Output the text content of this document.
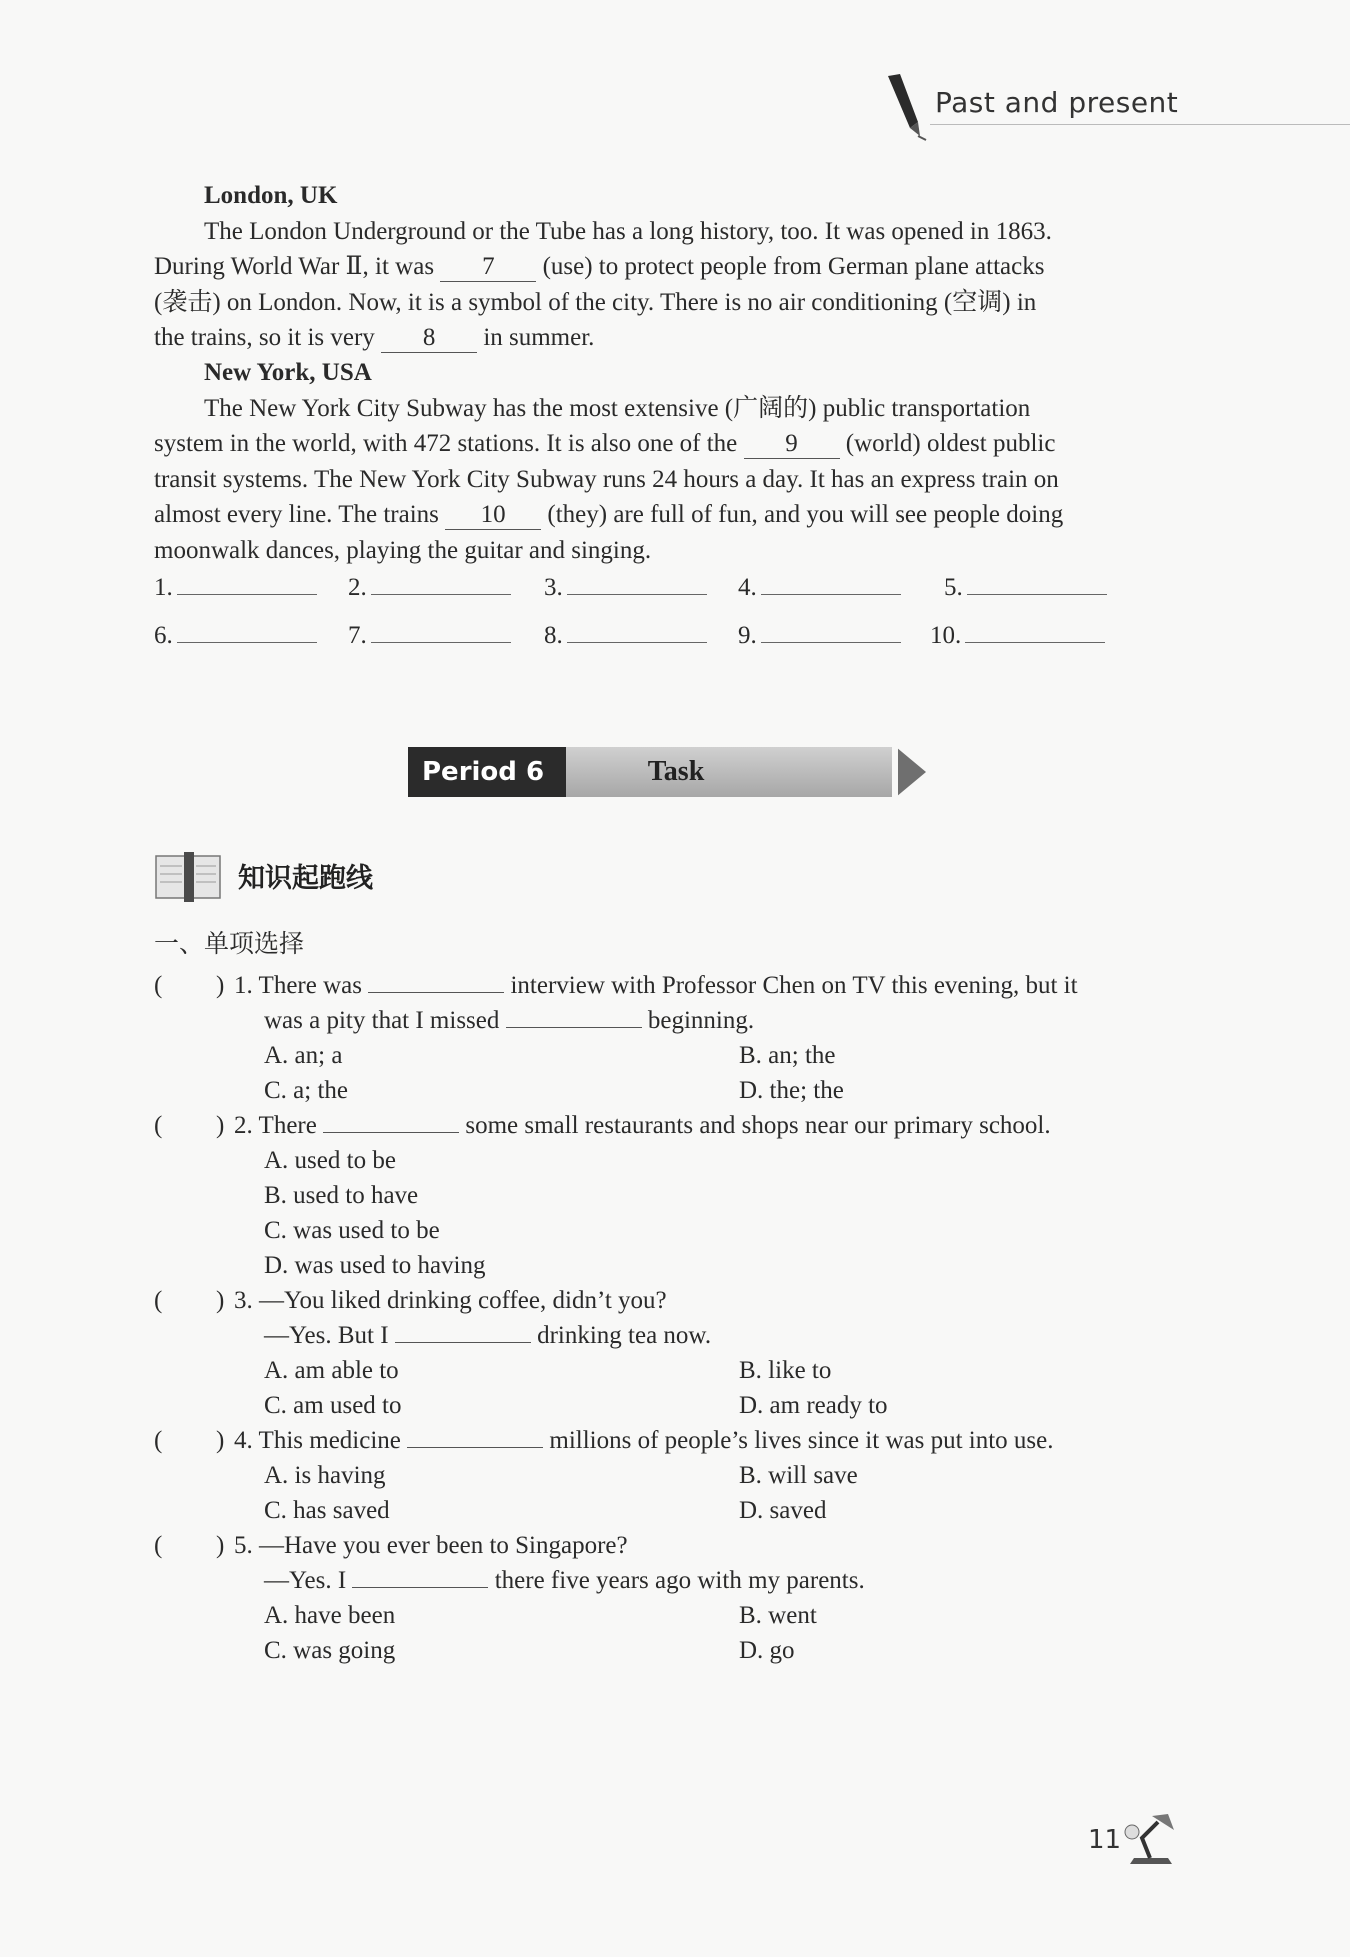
Past and present
London, UK
The London Underground or the Tube has a long history, too. It was opened in 1863.
During World War Ⅱ, it was 7 (use) to protect people from German plane attacks
(袭击) on London. Now, it is a symbol of the city. There is no air conditioning (空调) in
the trains, so it is very 8 in summer.
New York, USA
The New York City Subway has the most extensive (广阔的) public transportation
system in the world, with 472 stations. It is also one of the 9 (world) oldest public
transit systems. The New York City Subway runs 24 hours a day. It has an express train on
almost every line. The trains 10 (they) are full of fun, and you will see people doing
moonwalk dances, playing the guitar and singing.
1.	2.	3.	4.	5.
6.	7.	8.	9.	10.
Period 6	Task
知识起跑线
一、单项选择
( ) 1. There was	interview with Professor Chen on TV this evening, but it
was a pity that I missed	beginning.
A. an; a	B. an; the
C. a; the	D. the; the
( ) 2. There	some small restaurants and shops near our primary school.
A. used to be
B. used to have
C. was used to be
D. was used to having
( ) 3. —You liked drinking coffee, didn’t you?
—Yes. But I	drinking tea now.
A. am able to	B. like to
C. am used to	D. am ready to
( ) 4. This medicine	millions of people’s lives since it was put into use.
A. is having	B. will save
C. has saved	D. saved
( ) 5. —Have you ever been to Singapore?
—Yes. I	there five years ago with my parents.
A. have been	B. went
C. was going	D. go
11
